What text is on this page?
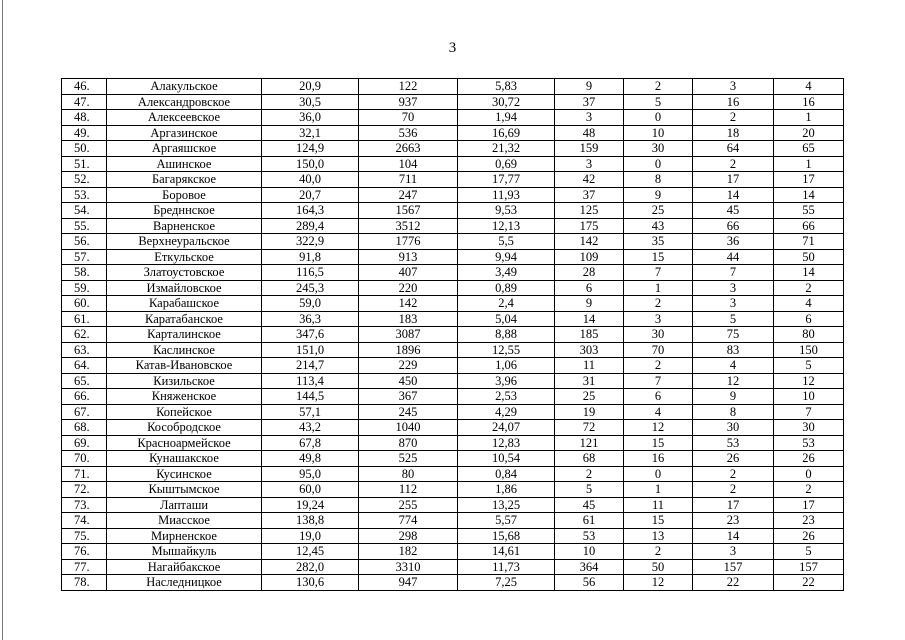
3
46.	Алакульское	20,9	122	5,83	9	2	3	4
47.	Александровское	30,5	937	30,72	37	5	16	16
48.	Алексеевское	36,0	70	1,94	3	0	2	1
49.	Аргазинское	32,1	536	16,69	48	10	18	20
50.	Аргаяшское	124,9	2663	21,32	159	30	64	65
51.	Ашинское	150,0	104	0,69	3	0	2	1
52.	Багарякское	40,0	711	17,77	42	8	17	17
53.	Боровое	20,7	247	11,93	37	9	14	14
54.	Бредннское	164,3	1567	9,53	125	25	45	55
55.	Варненское	289,4	3512	12,13	175	43	66	66
56.	Верхнеуральское	322,9	1776	5,5	142	35	36	71
57.	Еткульское	91,8	913	9,94	109	15	44	50
58.	Златоустовское	116,5	407	3,49	28	7	7	14
59.	Измайловское	245,3	220	0,89	6	1	3	2
60.	Карабашское	59,0	142	2,4	9	2	3	4
61.	Каратабанское	36,3	183	5,04	14	3	5	6
62.	Карталинское	347,6	3087	8,88	185	30	75	80
63.	Каслинское	151,0	1896	12,55	303	70	83	150
64.	Катав-Ивановское	214,7	229	1,06	11	2	4	5
65.	Кизильское	113,4	450	3,96	31	7	12	12
66.	Княженское	144,5	367	2,53	25	6	9	10
67.	Копейское	57,1	245	4,29	19	4	8	7
68.	Кособродское	43,2	1040	24,07	72	12	30	30
69.	Красноармейское	67,8	870	12,83	121	15	53	53
70.	Кунашакское	49,8	525	10,54	68	16	26	26
71.	Кусинское	95,0	80	0,84	2	0	2	0
72.	Кыштымское	60,0	112	1,86	5	1	2	2
73.	Лапташи	19,24	255	13,25	45	11	17	17
74.	Миасское	138,8	774	5,57	61	15	23	23
75.	Мирненское	19,0	298	15,68	53	13	14	26
76.	Мышайкуль	12,45	182	14,61	10	2	3	5
77.	Нагайбакское	282,0	3310	11,73	364	50	157	157
78.	Наследницкое	130,6	947	7,25	56	12	22	22
